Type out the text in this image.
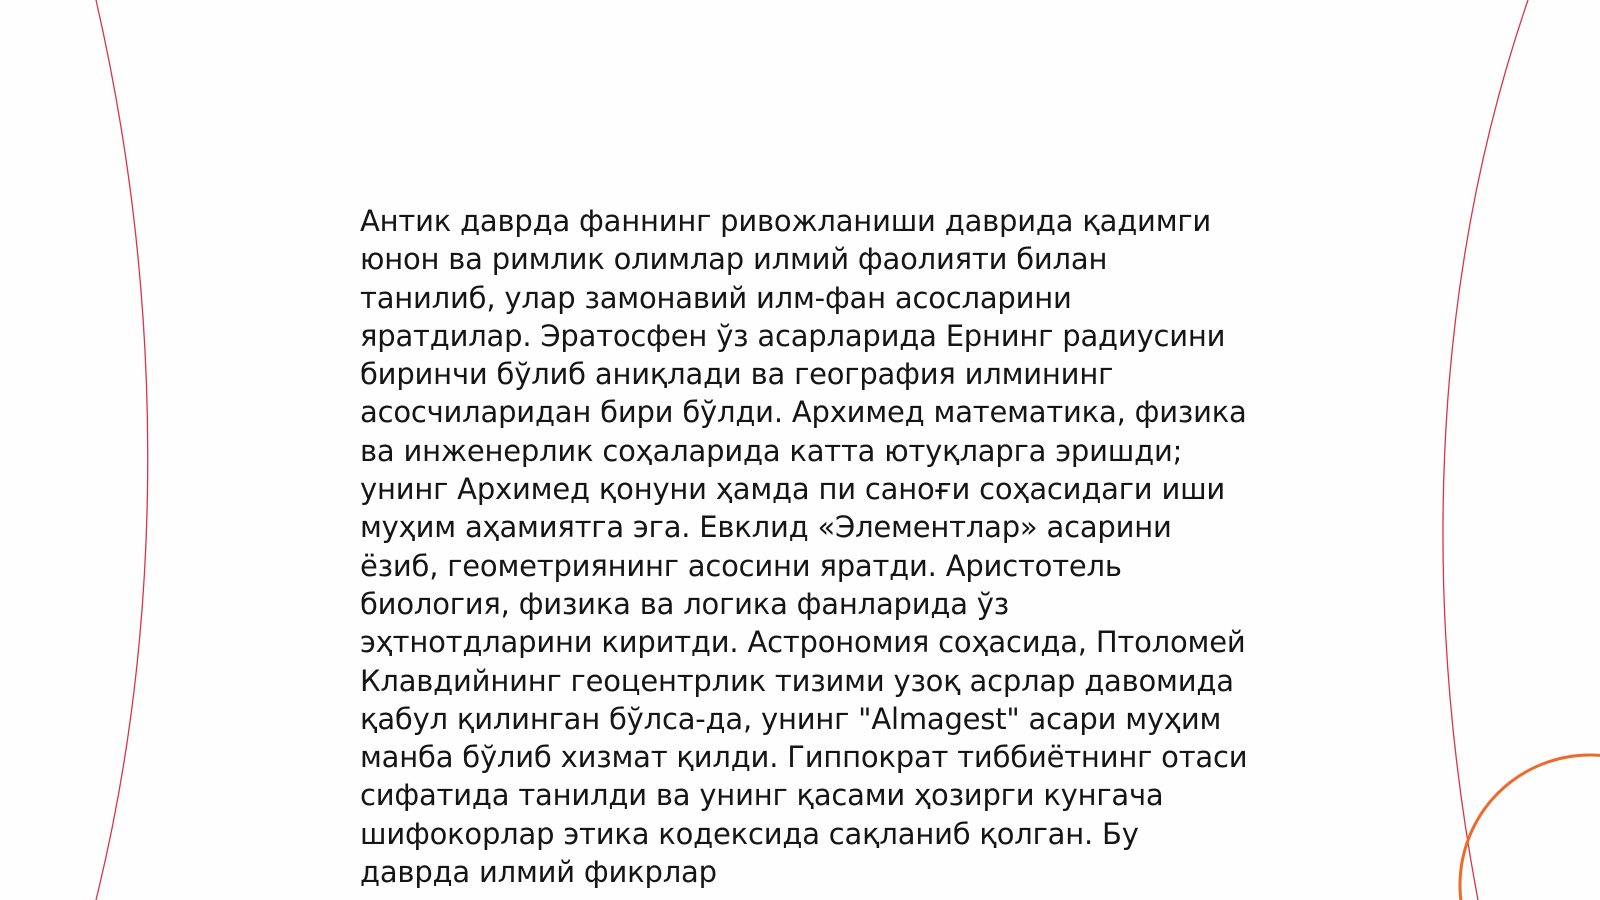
Антик даврда фаннинг ривожланиши даврида қадимги юнон ва римлик олимлар илмий фаолияти билан танилиб, улар замонавий илм-фан асосларини яратдилар. Эратосфен ўз асарларида Ернинг радиусини биринчи бўлиб аниқлади ва география илмининг асосчиларидан бири бўлди. Архимед математика, физика ва инженерлик соҳаларида катта ютуқларга эришди; унинг Архимед қонуни ҳамда пи саноғи соҳасидаги иши муҳим аҳамиятга эга. Евклид «Элементлар» асарини ёзиб, геометриянинг асосини яратди. Аристотель биология, физика ва логика фанларида ўз эҳтнотдларини киритди. Астрономия соҳасида, Птоломей Клавдийнинг геоцентрлик тизими узоқ асрлар давомида қабул қилинган бўлса-да, унинг "Almagest" асари муҳим манба бўлиб хизмат қилди. Гиппократ тиббиётнинг отаси сифатида танилди ва унинг қасами ҳозирги кунгача шифокорлар этика кодексида сақланиб қолган. Бу даврда илмий фикрлар
